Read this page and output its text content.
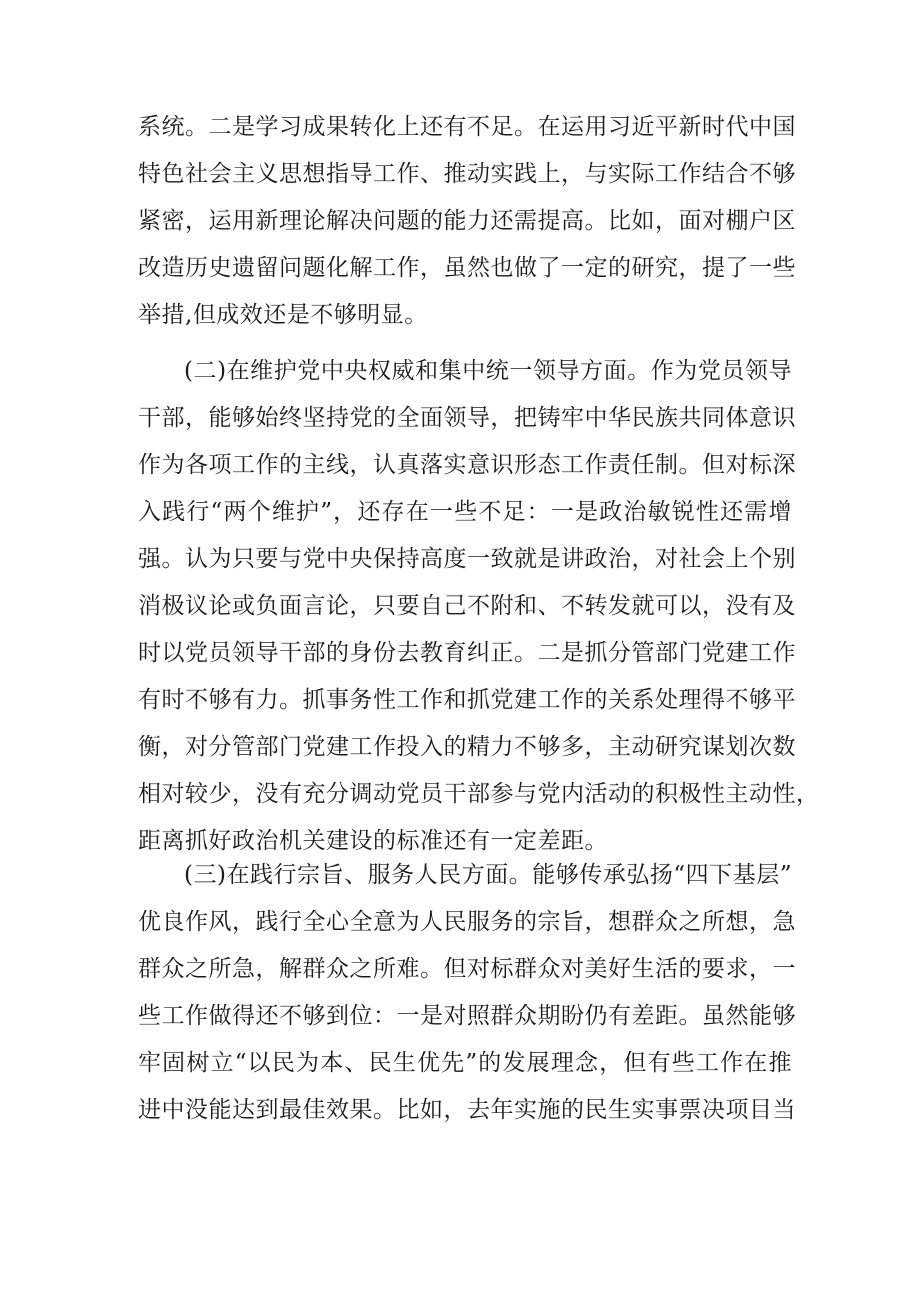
系统。二是学习成果转化上还有不足。在运用习近平新时代中国
特色社会主义思想指导工作、推动实践上，与实际工作结合不够
紧密，运用新理论解决问题的能力还需提高。比如，面对棚户区
改造历史遗留问题化解工作，虽然也做了一定的研究，提了一些
举措,但成效还是不够明显。
(二)在维护党中央权威和集中统一领导方面。作为党员领导
干部，能够始终坚持党的全面领导，把铸牢中华民族共同体意识
作为各项工作的主线，认真落实意识形态工作责任制。但对标深
入践行“两个维护”，还存在一些不足：一是政治敏锐性还需增
强。认为只要与党中央保持高度一致就是讲政治，对社会上个别
消极议论或负面言论，只要自己不附和、不转发就可以，没有及
时以党员领导干部的身份去教育纠正。二是抓分管部门党建工作
有时不够有力。抓事务性工作和抓党建工作的关系处理得不够平
衡，对分管部门党建工作投入的精力不够多，主动研究谋划次数
相对较少，没有充分调动党员干部参与党内活动的积极性主动性，
距离抓好政治机关建设的标准还有一定差距。
(三)在践行宗旨、服务人民方面。能够传承弘扬“四下基层”
优良作风，践行全心全意为人民服务的宗旨，想群众之所想，急
群众之所急，解群众之所难。但对标群众对美好生活的要求，一
些工作做得还不够到位：一是对照群众期盼仍有差距。虽然能够
牢固树立“以民为本、民生优先”的发展理念，但有些工作在推
进中没能达到最佳效果。比如，去年实施的民生实事票决项目当
